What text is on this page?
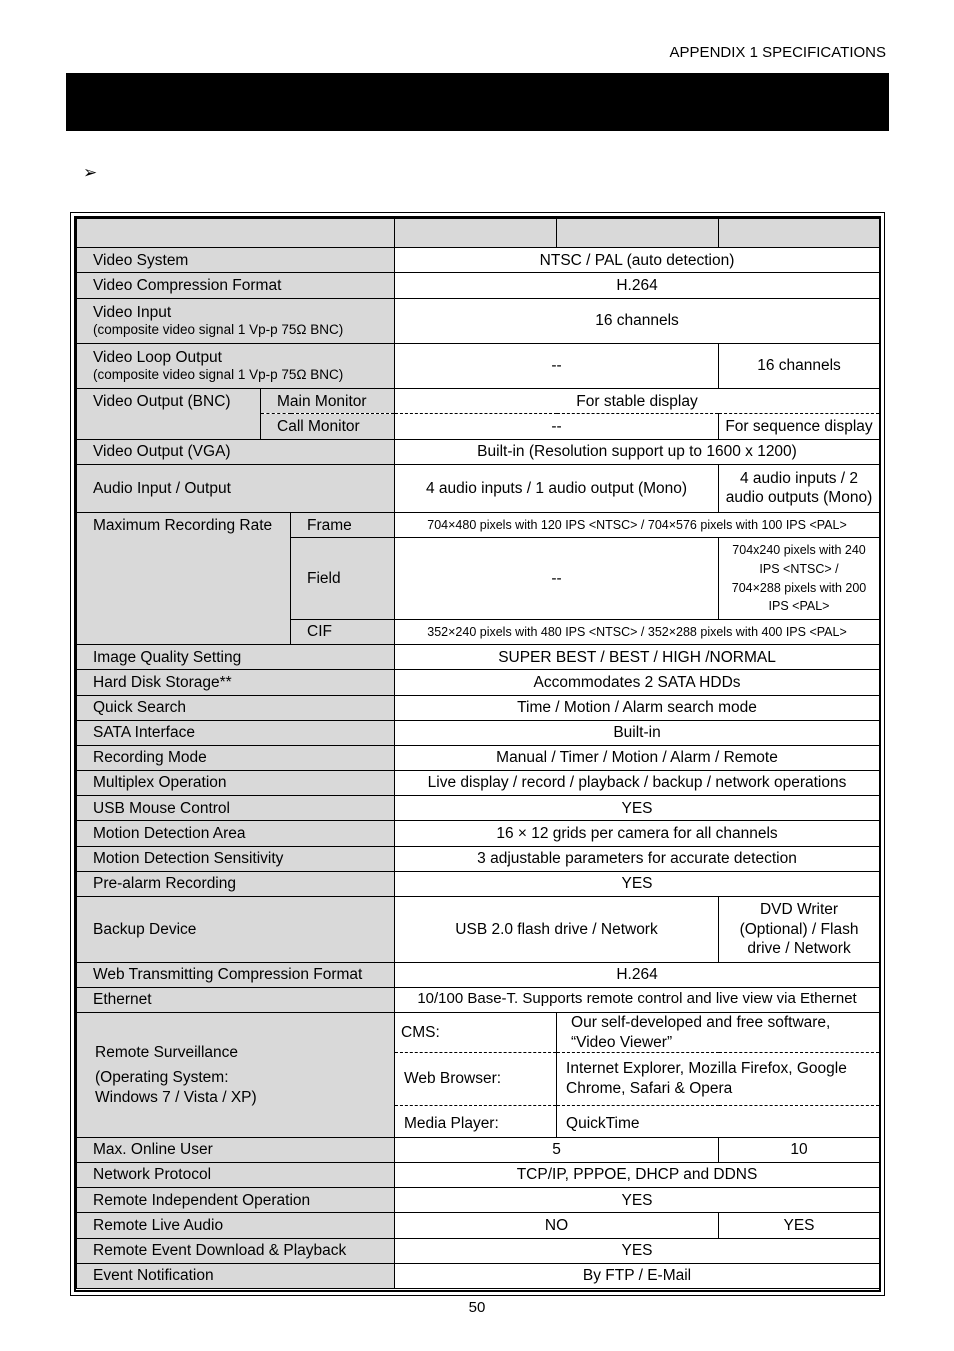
APPENDIX 1 SPECIFICATIONS
➢

Video System			NTSC / PAL (auto detection)		
Video Compression Format			H.264		

Video Input
(composite video signal 1 Vp-p 75Ω BNC)			16 channels		

Video Loop Output
(composite video signal 1 Vp-p 75Ω BNC)			--		16 channels
Video Output (BNC)	Main Monitor		For stable display		
	Call Monitor		--		For sequence display
Video Output (VGA)			Built-in (Resolution support up to 1600 x 1200)		
Audio Input / Output			4 audio inputs / 1 audio output (Mono)		4 audio inputs / 2
audio outputs (Mono)

Maximum Recording Rate		Frame	704×480 pixels with 120 IPS <NTSC> / 704×576 pixels with 100 IPS <PAL>		
		Field	--		704x240 pixels with 240
IPS <NTSC> /
704×288 pixels with 200
IPS <PAL>

		CIF	352×240 pixels with 480 IPS <NTSC> / 352×288 pixels with 400 IPS <PAL>		
Image Quality Setting			SUPER BEST / BEST / HIGH /NORMAL		
Hard Disk Storage**			Accommodates 2 SATA HDDs		
Quick Search			Time / Motion / Alarm search mode		
SATA Interface			Built-in		
Recording Mode			Manual / Timer / Motion / Alarm / Remote		
Multiplex Operation			Live display / record / playback / backup / network operations		
USB Mouse Control			YES		
Motion Detection Area			16 × 12 grids per camera for all channels		
Motion Detection Sensitivity			3 adjustable parameters for accurate detection		
Pre-alarm Recording			YES		
Backup Device			USB 2.0 flash drive / Network		DVD Writer
(Optional) / Flash
drive / Network

Web Transmitting Compression Format			H.264		
Ethernet			10/100 Base-T. Supports remote control and live view via Ethernet		

Remote Surveillance
(Operating System:
Windows 7 / Vista / XP)			CMS:	Our self-developed and free software,
“Video Viewer”	

			Web Browser:	Internet Explorer, Mozilla Firefox, Google
Chrome, Safari & Opera	

			Media Player:	QuickTime	
Max. Online User			5		10
Network Protocol			TCP/IP, PPPOE, DHCP and DDNS		
Remote Independent Operation			YES		
Remote Live Audio			NO		YES
Remote Event Download & Playback			YES		
Event Notification			By FTP / E-Mail		
50
